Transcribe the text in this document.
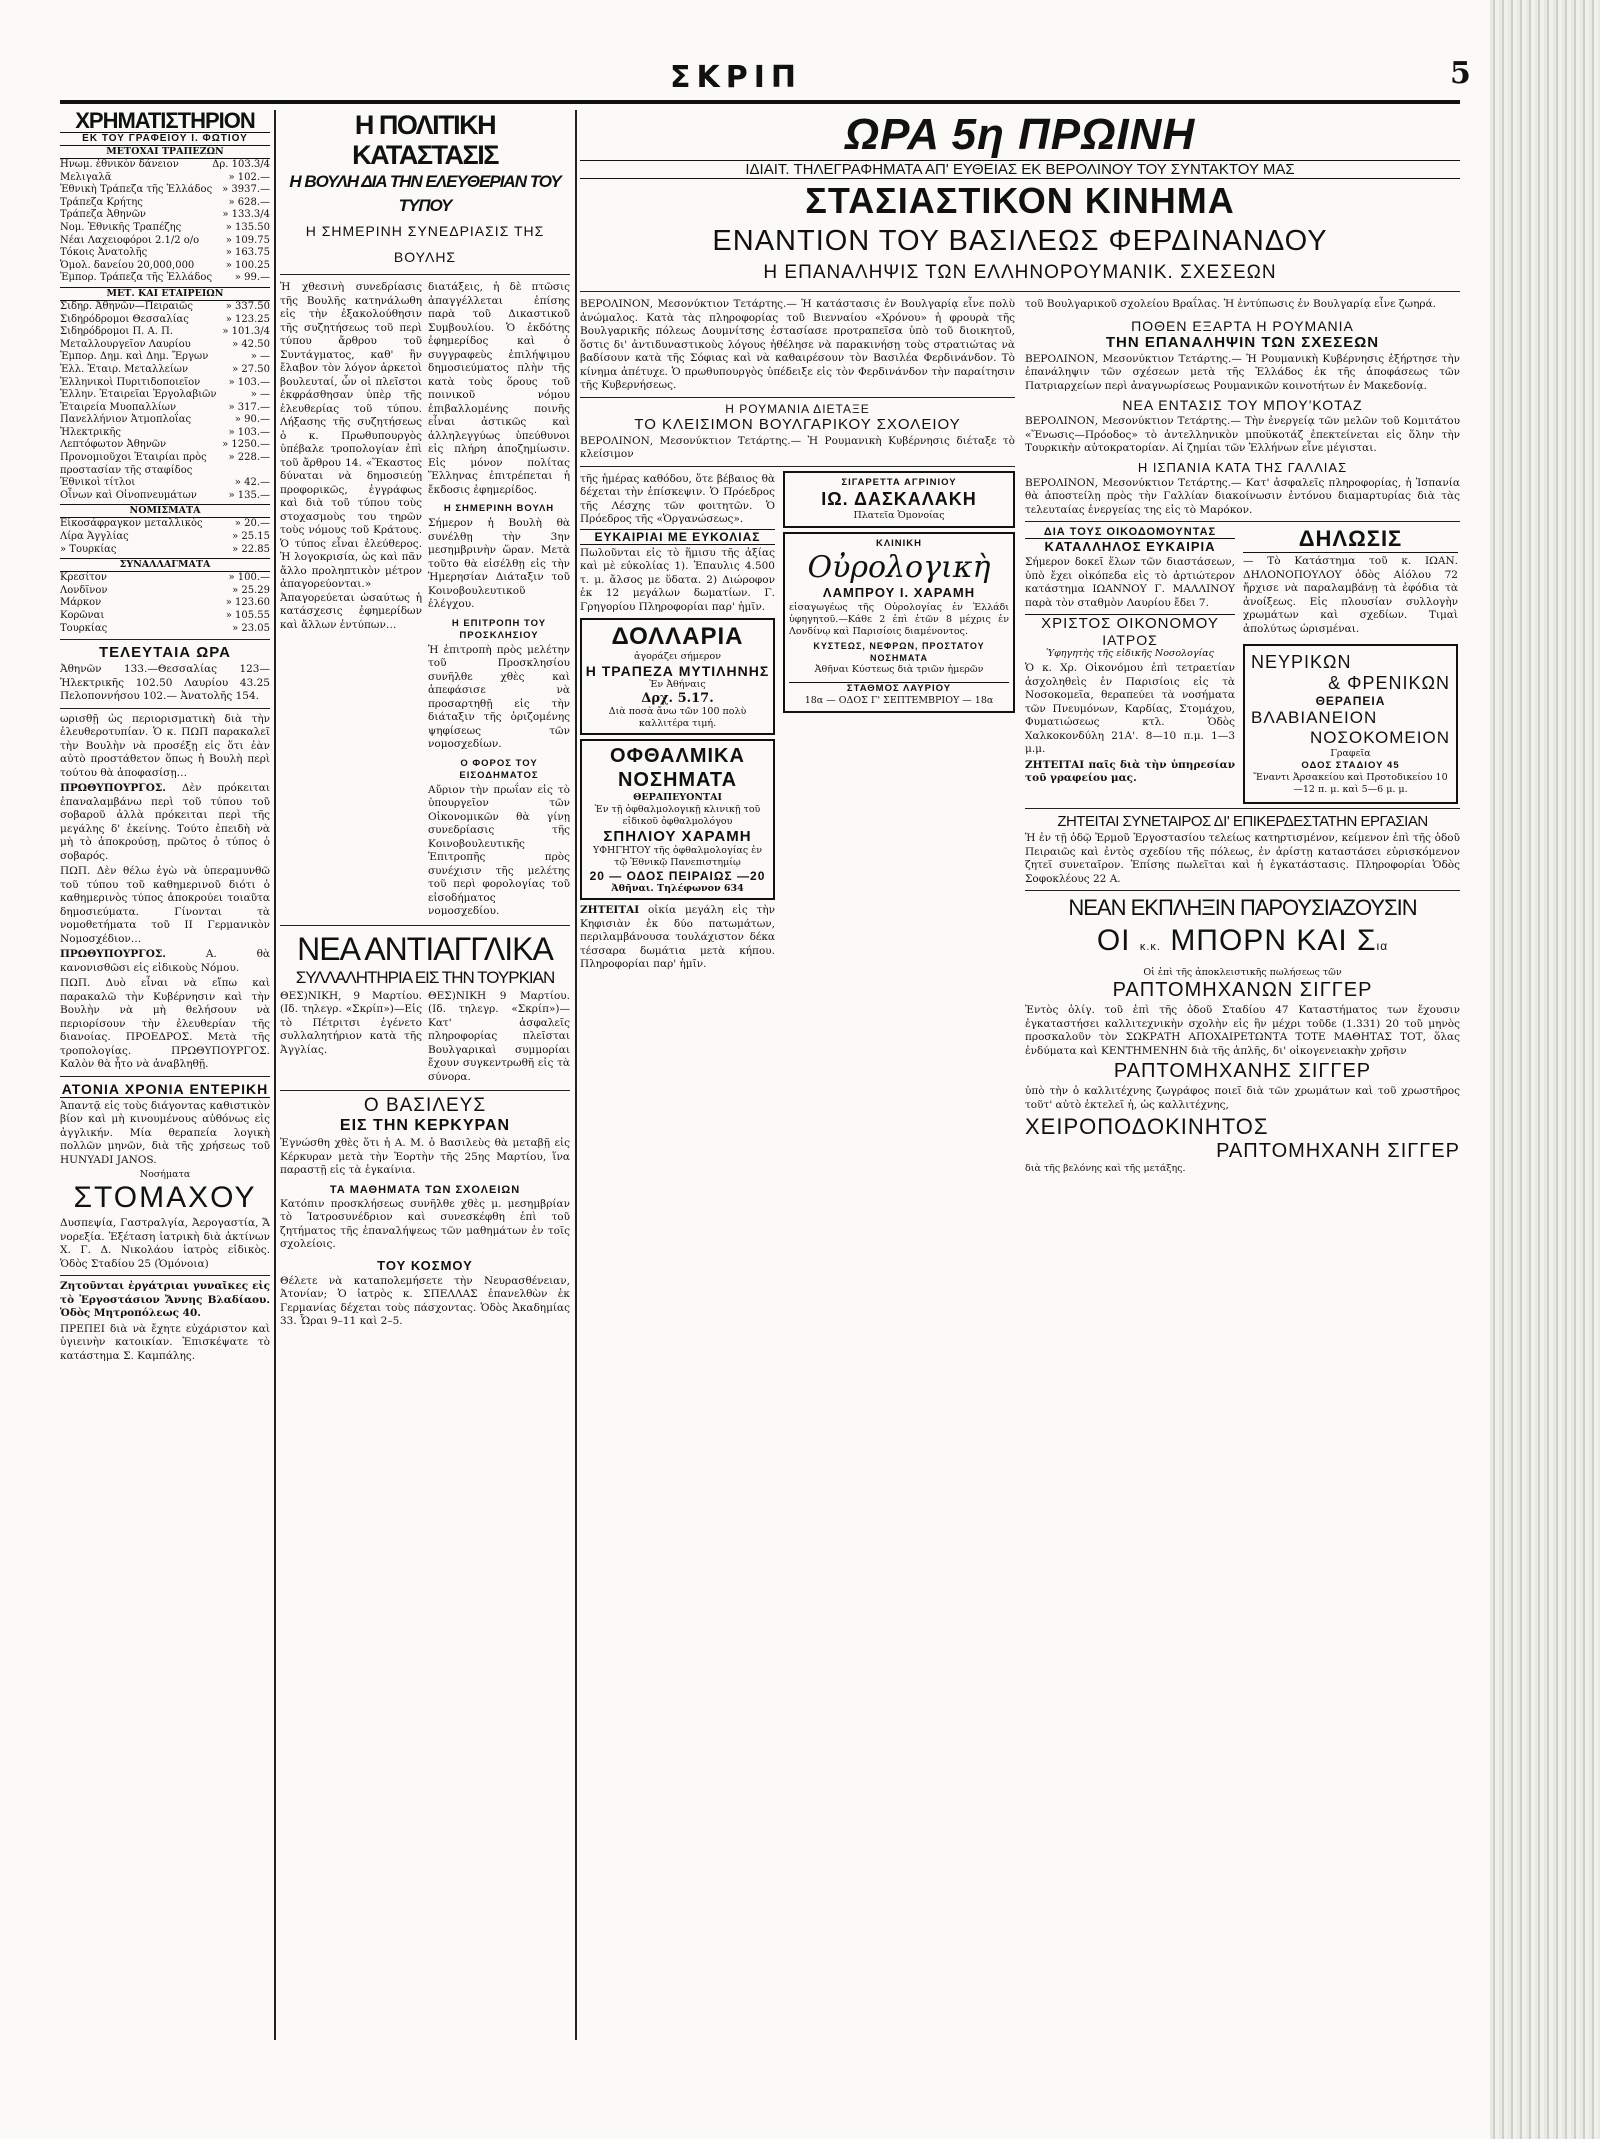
ΣΚΡΙΠ	5
ΧΡΗΜΑΤΙΣΤΗΡΙΟΝ
ΕΚ ΤΟΥ ΓΡΑΦΕΙΟΥ Ι. ΦΩΤΙΟΥ
ΜΕΤΟΧΑΙ ΤΡΑΠΕΖΩΝ
Ηνωμ. ἐθνικὸν δάνειον	Δρ. 103.3/4
Μελιγαλᾶ	» 102.—
Ἐθνικὴ Τράπεζα τῆς Ἑλλάδος » 3937.—
Τράπεζα Κρήτης	» 628.—
Τράπεζα Ἀθηνῶν	» 133.3/4
Νομ. Ἐθνικῆς Τραπέζης	» 135.50
Νέαι Λαχειοφόροι 2.1/2 ο/ο	» 109.75
Τόκοις Ἀνατολῆς	» 163.75
Ὁμολ. δανείου 20,000,000	» 100.25
Ἐμπορ. Τράπεζα τῆς Ἑλλάδος » 99.—
ΜΕΤ. ΚΑΙ ΕΤΑΙΡΕΙΩΝ
Σιδηρ. Ἀθηνῶν—Πειραιῶς	» 337.50
Σιδηρόδρομοι Θεσσαλίας	» 123.25
Σιδηρόδρομοι Π. Α. Π.	» 101.3/4
Μεταλλουργεῖον Λαυρίου	» 42.50
Ἐμπορ. Δημ. καὶ Δημ. Ἔργων	» —
Ἑλλ. Ἑταιρ. Μεταλλείων	» 27.50
Ἑλληνικοὶ Πυριτιδοποιεῖον	» 103.—
Ἑλλην. Ἑταιρεῖαι Ἐργολαβιῶν	» —
Ἑταιρεία Μυοπαλλίων	» 317.—
Πανελλήνιον Ἀτμοπλοΐας	» 90.—
Ἠλεκτρικῆς	» 103.—
Λεπτόφωτον Ἀθηνῶν	» 1250.—
Προνομιοῦχοι Ἑταιρίαι πρὸς προστασίαν τῆς σταφίδος
» 228.—
Ἐθνικοὶ τίτλοι	» 42.—
Οἶνων καὶ Οἰνοπνευμάτων	» 135.—
ΝΟΜΙΣΜΑΤΑ
Εἰκοσάφραγκον μεταλλικὸς	» 20.—
Λίρα Ἀγγλίας	» 25.15
» Τουρκίας	» 22.85
ΣΥΝΑΛΛΑΓΜΑΤΑ
Κρεσίτον	» 100.—
Λονδῖνον	» 25.29
Μάρκον	» 123.60
Κορῶναι	» 105.55
Τουρκίας	» 23.05
ΤΕΛΕΥΤΑΙΑ ΩΡΑ
Ἀθηνῶν 133.—Θεσσαλίας 123— Ἠλεκτρικῆς 102.50 Λαυρίου 43.25 Πελοποννήσου 102.— Ἀνατολῆς 154.
ωρισθῇ ὡς περιορισματικὴ διὰ τὴν ἐλευθεροτυπίαν. Ὁ κ. ΠΩΠ παρακαλεῖ τὴν Βουλὴν νὰ προσέξῃ εἰς ὅτι ἐὰν αὐτὸ προστάθετον ὅπως ἡ Βουλὴ περὶ τούτου θὰ ἀποφασίσῃ…
ΠΡΩΘΥΠΟΥΡΓΟΣ. Δὲν πρόκειται ἐπαναλαμβάνω περὶ τοῦ τύπου τοῦ σοβαροῦ ἀλλὰ πρόκειται περὶ τῆς μεγάλης δ' ἐκείνης. Τούτο ἐπειδὴ νὰ μὴ τὸ ἀποκρούσῃ, πρῶτος ὁ τύπος ὁ σοβαρός.
ΠΩΠ. Δὲν θέλω ἐγὼ νὰ ὑπεραμυνθῶ τοῦ τύπου τοῦ καθημερινοῦ διότι ὁ καθημερινὸς τύπος ἀποκρούει τοιαῦτα δημοσιεύματα. Γίνονται τὰ νομοθετήματα τοῦ ΙΙ Γερμανικὸν Νομοσχέδιον…
ΠΡΩΘΥΠΟΥΡΓΟΣ.	Α. θὰ κανονισθῶσι εἰς εἰδικοὺς Νόμου.
ΠΩΠ. Δυὸ εἶναι νὰ εἴπω καὶ παρακαλῶ τὴν Κυβέρνησιν καὶ τὴν Βουλὴν νὰ μὴ θελήσουν νὰ περιορίσουν τὴν ἐλευθερίαν τῆς διανοίας. ΠΡΟΕΔΡΟΣ. Μετὰ τῆς τροπολογίας. ΠΡΩΘΥΠΟΥΡΓΟΣ. Καλὸν θὰ ἦτο νὰ ἀναβληθῇ.
ΑΤΟΝΙΑ ΧΡΟΝΙΑ ΕΝΤΕΡΙΚΗ
Ἀπαντᾷ εἰς τοὺς διάγοντας καθιστικὸν βίον καὶ μὴ κινουμένους αὐθόνως εἰς ἀγγλικήν. Μία θεραπεία λογικὴ πολλῶν μηνῶν, διὰ τῆς χρήσεως τοῦ HUNYADI JANOS.
Νοσήματα
ΣΤΟΜΑΧΟΥ
Δυσπεψία, Γαστραλγία, Ἀερογαστία, Ἄ νορεξία. Ἐξέταση ἰατρικὴ διὰ ἀκτίνων Χ. Γ. Δ. Νικολάου ἰατρὸς εἰδικὸς. Ὁδὸς Σταδίου 25 (Ὁμόνοια)
Ζητοῦνται ἐργάτριαι γυναῖκες εἰς τὸ Ἐργοστάσιον Ἄννης Βλαδίαου. Ὁδὸς Μητροπόλεως 40.
ΠΡΕΠΕΙ διὰ νὰ ἔχητε εὐχάριστον καὶ ὑγιεινὴν κατοικίαν. Ἐπισκέψατε τὸ κατάστημα Σ. Καμπάλης.
Η ΠΟΛΙΤΙΚΗ ΚΑΤΑΣΤΑΣΙΣ
Η ΒΟΥΛΗ ΔΙΑ ΤΗΝ ΕΛΕΥΘΕΡΙΑΝ ΤΟΥ ΤΥΠΟΥ
Η ΣΗΜΕΡΙΝΗ ΣΥΝΕΔΡΙΑΣΙΣ ΤΗΣ ΒΟΥΛΗΣ
Ἡ χθεσινὴ συνεδρίασις τῆς Βουλῆς κατηνάλωθη εἰς τὴν ἐξακολούθησιν τῆς συζητήσεως τοῦ περὶ τύπου ἄρθρου τοῦ Συντάγματος, καθ' ἣν ἔλαβον τὸν λόγον ἀρκετοὶ βουλευταί, ὧν οἱ πλεῖστοι ἐκφράσθησαν ὑπὲρ τῆς ἐλευθερίας τοῦ τύπου. Λήξασης τῆς συζητήσεως ὁ κ. Πρωθυπουργὸς ὑπέβαλε τροπολογίαν ἐπὶ τοῦ ἄρθρου 14. «Ἕκαστος δύναται νὰ δημοσιεύῃ προφορικῶς, ἐγγράφως καὶ διὰ τοῦ τύπου τοὺς στοχασμοὺς του τηρῶν τοὺς νόμους τοῦ Κράτους. Ὁ τύπος εἶναι ἐλεύθερος. Ἡ λογοκρισία, ὡς καὶ πᾶν ἄλλο προληπτικὸν μέτρον ἀπαγορεύονται.» Ἀπαγορεύεται ὡσαύτως ἡ κατάσχεσις ἐφημερίδων καὶ ἄλλων ἐντύπων…
διατάξεις, ἡ δὲ πτῶσις ἀπαγγέλλεται ἐπίσης παρὰ τοῦ Δικαστικοῦ Συμβουλίου. Ὁ ἐκδότης ἐφημερίδος καὶ ὁ συγγραφεὺς ἐπιλήψιμου δημοσιεύματος πλὴν τῆς κατὰ τοὺς ὅρους τοῦ ποινικοῦ νόμου ἐπιβαλλομένης ποινῆς εἶναι ἀστικῶς καὶ ἀλληλεγγύως ὑπεύθυνοι εἰς πλήρη ἀποζημίωσιν. Εἰς μόνον πολίτας Ἕλληνας ἐπιτρέπεται ἡ ἔκδοσις ἐφημερίδος.
Η ΣΗΜΕΡΙΝΗ ΒΟΥΛΗ
Σήμερον ἡ Βουλὴ θὰ συνέλθῃ τὴν 3ην μεσημβρινὴν ὥραν. Μετὰ τοῦτο θὰ εἰσέλθῃ εἰς τὴν Ἡμερησίαν Διάταξιν τοῦ Κοινοβουλευτικοῦ ἐλέγχου.
Η ΕΠΙΤΡΟΠΗ ΤΟΥ ΠΡΟΣΚΛΗΣΙΟΥ
Ἡ ἐπιτροπὴ πρὸς μελέτην τοῦ Προσκλησίου συνῆλθε χθὲς καὶ ἀπεφάσισε νὰ προσαρτηθῇ εἰς τὴν διάταξιν τῆς ὁριζομένης ψηφίσεως τῶν νομοσχεδίων.
Ο ΦΟΡΟΣ ΤΟΥ ΕΙΣΟΔΗΜΑΤΟΣ
Αὔριον τὴν πρωΐαν εἰς τὸ ὑπουργεῖον τῶν Οἰκονομικῶν θὰ γίνῃ συνεδρίασις τῆς Κοινοβουλευτικῆς Ἐπιτροπῆς πρὸς συνέχισιν τῆς μελέτης τοῦ περὶ φορολογίας τοῦ εἰσοδήματος νομοσχεδίου.
ΝΕΑ ΑΝΤΙΑΓΓΛΙΚΑ
ΣΥΛΛΑΛΗΤΗΡΙΑ ΕΙΣ ΤΗΝ ΤΟΥΡΚΙΑΝ
ΘΕΣ)ΝΙΚΗ, 9 Μαρτίου. (Ιδ. τηλεγρ. «Σκρίπ»)—Εἰς τὸ Πέτριτσι ἐγένετο συλλαλητήριον κατὰ τῆς Ἀγγλίας.
ΘΕΣ)ΝΙΚΗ 9 Μαρτίου. (Ιδ. τηλεγρ. «Σκρίπ»)—Κατ' ἀσφαλεῖς πληροφορίας πλεῖσται Βουλγαρικαὶ συμμορίαι ἔχουν συγκεντρωθῆ εἰς τὰ σύνορα.
Ο ΒΑΣΙΛΕΥΣ
ΕΙΣ ΤΗΝ ΚΕΡΚΥΡΑΝ
Ἐγνώσθη χθὲς ὅτι ἡ Α. Μ. ὁ Βασιλεὺς θὰ μεταβῇ εἰς Κέρκυραν μετὰ τὴν Ἑορτὴν τῆς 25ης Μαρτίου, ἵνα παραστῇ εἰς τὰ ἐγκαίνια.
ΤΑ ΜΑΘΗΜΑΤΑ ΤΩΝ ΣΧΟΛΕΙΩΝ
Κατόπιν προσκλήσεως συνῆλθε χθὲς μ. μεσημβρίαν τὸ Ἰατροσυνέδριον καὶ συνεσκέφθη ἐπὶ τοῦ ζητήματος τῆς ἐπαναλήψεως τῶν μαθημάτων ἐν τοῖς σχολείοις.
ΤΟΥ ΚΟΣΜΟΥ
Θέλετε νὰ καταπολεμήσετε τὴν Νευρασθένειαν, Ἀτονίαν; Ὁ ἰατρὸς κ. ΣΠΕΛΛΑΣ ἐπανελθὼν ἐκ Γερμανίας δέχεται τοὺς πάσχοντας. Ὁδὸς Ἀκαδημίας 33. Ὧραι 9–11 καὶ 2–5.
ΩΡΑ 5η ΠΡΩΙΝΗ
ΙΔΙΑΙΤ. ΤΗΛΕΓΡΑΦΗΜΑΤΑ ΑΠ' ΕΥΘΕΙΑΣ ΕΚ ΒΕΡΟΛΙΝΟΥ ΤΟΥ ΣΥΝΤΑΚΤΟΥ ΜΑΣ
ΣΤΑΣΙΑΣΤΙΚΟΝ ΚΙΝΗΜΑ
ΕΝΑΝΤΙΟΝ ΤΟΥ ΒΑΣΙΛΕΩΣ ΦΕΡΔΙΝΑΝΔΟΥ
Η ΕΠΑΝΑΛΗΨΙΣ ΤΩΝ ΕΛΛΗΝΟΡΟΥΜΑΝΙΚ. ΣΧΕΣΕΩΝ
ΒΕΡΟΛΙΝΟΝ, Μεσονύκτιον Τετάρτης.— Ἡ κατάστασις ἐν Βουλγαρίᾳ εἶνε πολὺ ἀνώμαλος. Κατὰ τὰς πληροφορίας τοῦ Βιενναίου «Χρόνου» ἡ φρουρὰ τῆς Βουλγαρικῆς πόλεως Δουμνίτσης ἐστασίασε προτραπεῖσα ὑπὸ τοῦ διοικητοῦ, ὅστις δι' ἀντιδυναστικοὺς λόγους ἠθέλησε νὰ παρακινήσῃ τοὺς στρατιώτας νὰ βαδίσουν κατὰ τῆς Σόφιας καὶ νὰ καθαιρέσουν τὸν Βασιλέα Φερδινάνδον. Τὸ κίνημα ἀπέτυχε. Ὁ πρωθυπουργὸς ὑπέδειξε εἰς τὸν Φερδινάνδον τὴν παραίτησιν τῆς Κυβερνήσεως.
Η ΡΟΥΜΑΝΙΑ ΔΙΕΤΑΞΕ
ΤΟ ΚΛΕΙΣΙΜΟΝ ΒΟΥΛΓΑΡΙΚΟΥ ΣΧΟΛΕΙΟΥ
ΒΕΡΟΛΙΝΟΝ, Μεσονύκτιον Τετάρτης.— Ἡ Ρουμανικὴ Κυβέρνησις διέταξε τὸ κλείσιμον
τῆς ἡμέρας καθόδου, ὅτε βέβαιος θὰ δέχεται τὴν ἐπίσκεψιν. Ὁ Πρόεδρος τῆς Λέσχης τῶν φοιτητῶν. Ὁ Πρόεδρος τῆς «Ὁργανώσεως».
ΕΥΚΑΙΡΙΑΙ ΜΕ ΕΥΚΟΛΙΑΣ
Πωλοῦνται εἰς τὸ ἥμισυ τῆς ἀξίας καὶ μὲ εὐκολίας 1). Ἐπαυλις 4.500 τ. μ. ἄλσος με ὕδατα. 2) Διώροφον ἐκ 12 μεγάλων δωματίων. Γ. Γρηγορίου Πληροφορίαι παρ' ἡμῖν.
ΔΟΛΛΑΡΙΑ
ἀγοράζει σήμερον
Η ΤΡΑΠΕΖΑ ΜΥΤΙΛΗΝΗΣ
Ἐν Ἀθήναις
Δρχ. 5.17.
Διὰ ποσὰ ἄνω τῶν 100 πολὺ καλλιτέρα τιμή.
ΟΦΘΑΛΜΙΚΑ ΝΟΣΗΜΑΤΑ
ΘΕΡΑΠΕΥΟΝΤΑΙ
Ἐν τῇ ὀφθαλμολογικῇ κλινικῇ τοῦ εἰδικοῦ ὀφθαλμολόγου
ΣΠΗΛΙΟΥ ΧΑΡΑΜΗ
ΥΦΗΓΗΤΟΥ τῆς ὀφθαλμολογίας ἐν τῷ Ἐθνικῷ Πανεπιστημίῳ
20 — ΟΔΟΣ ΠΕΙΡΑΙΩΣ —20
Ἀθῆναι. Τηλέφωνον 634
ΖΗΤΕΙΤΑΙ οἰκία μεγάλη εἰς τὴν Κηφισιὰν ἐκ δύο πατωμάτων, περιλαμβάνουσα τουλάχιστον δέκα τέσσαρα δωμάτια μετὰ κήπου. Πληροφορίαι παρ' ἡμῖν.
ΣΙΓΑΡΕΤΤΑ ΑΓΡΙΝΙΟΥ
ΙΩ. ΔΑΣΚΑΛΑΚΗ
Πλατεῖα Ὁμονοίας
ΚΛΙΝΙΚΗ
Οὐρολογικὴ
ΛΑΜΠΡΟΥ Ι. ΧΑΡΑΜΗ
εἰσαγωγέως τῆς Οὐρολογίας ἐν Ἑλλάδι ὑφηγητοῦ.—Κάθε 2 ἐπὶ ἐτῶν 8 μέχρις ἐν Λονδίνῳ καὶ Παρισίοις διαμένοντος.
ΚΥΣΤΕΩΣ, ΝΕΦΡΩΝ, ΠΡΟΣΤΑΤΟΥ ΝΟΣΗΜΑΤΑ
Ἀθῆναι Κύστεως διὰ τριῶν ἡμερῶν
ΣΤΑΘΜΟΣ ΛΑΥΡΙΟΥ
18α — ΟΔΟΣ Γ' ΣΕΠΤΕΜΒΡΙΟΥ — 18α
τοῦ Βουλγαρικοῦ σχολείου Βραΐλας. Ἡ ἐντύπωσις ἐν Βουλγαρίᾳ εἶνε ζωηρά.
ΠΟΘΕΝ ΕΞΑΡΤΑ Η ΡΟΥΜΑΝΙΑ
ΤΗΝ ΕΠΑΝΑΛΗΨΙΝ ΤΩΝ ΣΧΕΣΕΩΝ
ΒΕΡΟΛΙΝΟΝ, Μεσονύκτιον Τετάρτης.— Ἡ Ρουμανικὴ Κυβέρνησις ἐξήρτησε τὴν ἐπανάληψιν τῶν σχέσεων μετὰ τῆς Ἑλλάδος ἐκ τῆς ἀποφάσεως τῶν Πατριαρχείων περὶ ἀναγνωρίσεως Ρουμανικῶν κοινοτήτων ἐν Μακεδονίᾳ.
ΝΕΑ ΕΝΤΑΣΙΣ ΤΟΥ ΜΠΟΥ'ΚΟΤΑΖ
ΒΕΡΟΛΙΝΟΝ, Μεσονύκτιον Τετάρτης.— Τὴν ἐνεργείᾳ τῶν μελῶν τοῦ Κομιτάτου «Ἕνωσις—Πρόοδος» τὸ ἀντελληνικὸν μποϋκοτάζ ἐπεκτείνεται εἰς ὅλην τὴν Τουρκικὴν αὐτοκρατορίαν. Αἱ ζημίαι τῶν Ἑλλήνων εἶνε μέγισται.
Η ΙΣΠΑΝΙΑ ΚΑΤΑ ΤΗΣ ΓΑΛΛΙΑΣ
ΒΕΡΟΛΙΝΟΝ, Μεσονύκτιον Τετάρτης.— Κατ' ἀσφαλεῖς πληροφορίας, ἡ Ἱσπανία θὰ ἀποστείλῃ πρὸς τὴν Γαλλίαν διακοίνωσιν ἐντόνου διαμαρτυρίας διὰ τὰς τελευταίας ἐνεργείας της εἰς τὸ Μαρόκον.
ΔΙΑ ΤΟΥΣ ΟΙΚΟΔΟΜΟΥΝΤΑΣ
ΚΑΤΑΛΛΗΛΟΣ ΕΥΚΑΙΡΙΑ
Σήμερον δοκεῖ ἕλων τῶν διαστάσεων, ὑπὸ ἔχει οἰκόπεδα εἰς τὸ ἀρτιώτερον κατάστημα ΙΩΑΝΝΟΥ Γ. ΜΑΛΛΙΝΟΥ παρὰ τὸν σταθμὸν Λαυρίου ἔδει 7.
ΧΡΙΣΤΟΣ ΟΙΚΟΝΟΜΟΥ
ΙΑΤΡΟΣ
Ὑφηγητὴς τῆς εἰδικῆς Νοσολογίας
Ὁ κ. Χρ. Οἰκονόμου ἐπὶ τετραετίαν ἀσχοληθεὶς ἐν Παρισίοις εἰς τὰ Νοσοκομεῖα, θεραπεύει τὰ νοσήματα τῶν Πνευμόνων, Καρδίας, Στομάχου, Φυματιώσεως κτλ. Ὁδὸς Χαλκοκονδύλη 21Α'. 8—10 π.μ. 1—3 μ.μ.
ΖΗΤΕΙΤΑΙ παῖς διὰ τὴν ὑπηρεσίαν τοῦ γραφείου μας.
ΔΗΛΩΣΙΣ
— Τὸ Κατάστημα τοῦ κ. ΙΩΑΝ. ΔΗΛΟΝΟΠΟΥΛΟΥ ὁδὸς Αἰόλου 72 ἤρχισε νὰ παραλαμβάνῃ τὰ ἐφόδια τὰ ἀνοίξεως. Εἰς πλουσίαν συλλογὴν χρωμάτων καὶ σχεδίων. Τιμαὶ ἀπολύτως ὡρισμέναι.
ΝΕΥΡΙΚΩΝ
& ΦΡΕΝΙΚΩΝ
ΘΕΡΑΠΕΙΑ
ΒΛΑΒΙΑΝΕΙΟΝ
ΝΟΣΟΚΟΜΕΙΟΝ
Γραφεῖα
ΟΔΟΣ ΣΤΑΔΙΟΥ 45
Ἔναντι Ἀρσακείου καὶ Προτοδικείου 10—12 π. μ. καὶ 5—6 μ. μ.
ΖΗΤΕΙΤΑΙ ΣΥΝΕΤΑΙΡΟΣ ΔΙ' ΕΠΙΚΕΡΔΕΣΤΑΤΗΝ ΕΡΓΑΣΙΑΝ
Ἡ ἐν τῇ ὁδῷ Ἑρμοῦ Ἐργοστασίου τελείως κατηρτισμένον, κείμενον ἐπὶ τῆς ὁδοῦ Πειραιῶς καὶ ἐντὸς σχεδίου τῆς πόλεως, ἐν ἀρίστῃ καταστάσει εὑρισκόμενον ζητεῖ συνεταῖρον. Ἐπίσης πωλεῖται καὶ ἡ ἐγκατάστασις. Πληροφορίαι Ὁδὸς Σοφοκλέους 22 Α.
ΝΕΑΝ ΕΚΠΛΗΞΙΝ ΠΑΡΟΥΣΙΑΖΟΥΣΙΝ
ΟΙ κ.κ. ΜΠΟΡΝ ΚΑΙ Σια
Οἱ ἐπὶ τῆς ἀποκλειστικῆς πωλήσεως τῶν
ΡΑΠΤΟΜΗΧΑΝΩΝ ΣΙΓΓΕΡ
Ἐντὸς ὀλίγ. τοῦ ἐπὶ τῆς ὁδοῦ Σταδίου 47 Καταστήματος των ἔχουσιν ἐγκαταστήσει καλλιτεχνικὴν σχολὴν εἰς ἣν μέχρι τοῦδε (1.331) 20 τοῦ μηνὸς προσκαλοῦν τὸν ΣΩΚΡΑΤΗ ΑΠΟΧΑΙΡΕΤΩΝΤΑ ΤΟΤΕ ΜΑΘΗΤΑΣ ΤΟΤ, ὅλας ἐνδύματα καὶ ΚΕΝΤΗΜΕΝΗΝ διὰ τῆς ἀπλῆς, δι' οἰκογενειακὴν χρῆσιν
ΡΑΠΤΟΜΗΧΑΝΗΣ ΣΙΓΓΕΡ
ὑπὸ τὴν ὁ καλλιτέχνης ζωγράφος ποιεῖ διὰ τῶν χρωμάτων καὶ τοῦ χρωστῆρος τοῦτ' αὐτὸ ἐκτελεῖ ἡ, ὡς καλλιτέχνης,
ΧΕΙΡΟΠΟΔΟΚΙΝΗΤΟΣ
ΡΑΠΤΟΜΗΧΑΝΗ ΣΙΓΓΕΡ
διὰ τῆς βελόνης καὶ τῆς μετάξης.
